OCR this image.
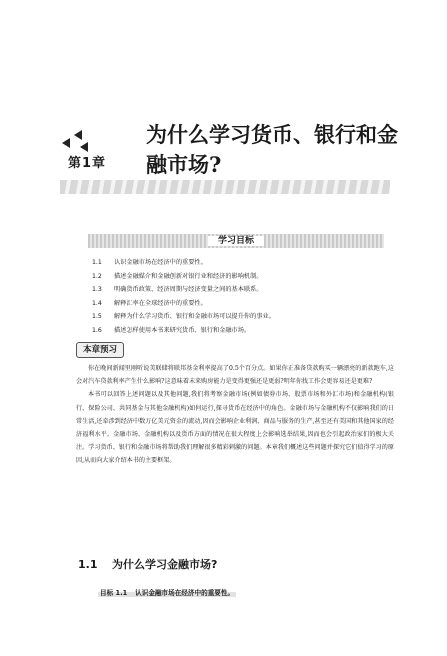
第1章
为什么学习货币、银行和金融市场?
学习目标
1.1 认识金融市场在经济中的重要性。
1.2 描述金融媒介和金融创新对银行业和经济的影响机制。
1.3 明确货币政策、经济周期与经济变量之间的基本联系。
1.4 解释汇率在全球经济中的重要性。
1.5 解释为什么学习货币、银行和金融市场可以提升你的事业。
1.6 描述怎样使用本书来研究货币、银行和金融市场。
本章预习

你在晚间新闻里刚听说美联储将联邦基金利率提高了0.5个百分点。如果你正准备贷款购买一辆漂亮的新款跑车,这会对汽车贷款利率产生什么影响?这意味着未来购房能力是变得更强还是更弱?明年你找工作会更容易还是更难?

本书可以回答上述问题以及其他问题,我们将考察金融市场(例如债券市场、股票市场和外汇市场)和金融机构(银行、保险公司、共同基金与其他金融机构)如何运行,探寻货币在经济中的角色。金融市场与金融机构不仅影响我们的日常生活,还牵涉到经济中数万亿美元资金的流动,因而会影响企业利润、商品与服务的生产,甚至还有美国和其他国家的经济福利水平。金融市场、金融机构以及货币方面的情况在很大程度上会影响选举结果,因而也会引起政治家们的极大关注。学习货币、银行和金融市场将帮助我们理解很多精彩刺激的问题。本章我们概述这些问题并探究它们值得学习的原因,从而向大家介绍本书的主要框架。

1.1 为什么学习金融市场?
目标 1.1 认识金融市场在经济中的重要性。
